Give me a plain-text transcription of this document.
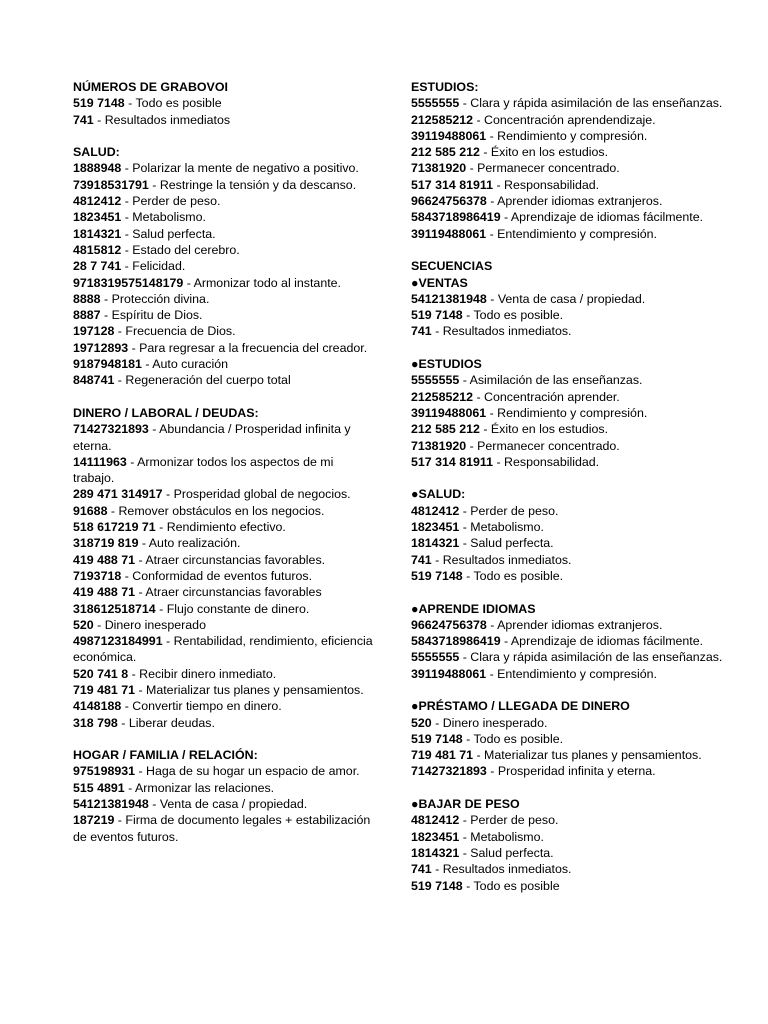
NÚMEROS DE GRABOVOI
519 7148 - Todo es posible
741 - Resultados inmediatos
SALUD:
1888948 - Polarizar la mente de negativo a positivo.
73918531791 - Restringe la tensión y da descanso.
4812412 - Perder de peso.
1823451 - Metabolismo.
1814321 - Salud perfecta.
4815812 - Estado del cerebro.
28 7 741 - Felicidad.
9718319575148179 - Armonizar todo al instante.
8888 - Protección divina.
8887 - Espíritu de Dios.
197128 - Frecuencia de Dios.
19712893 - Para regresar a la frecuencia del creador.
9187948181 - Auto curación
848741 - Regeneración del cuerpo total
DINERO / LABORAL / DEUDAS:
71427321893 - Abundancia / Prosperidad infinita y eterna.
14111963 - Armonizar todos los aspectos de mi trabajo.
289 471 314917 - Prosperidad global de negocios.
91688 - Remover obstáculos en los negocios.
518 617219 71 - Rendimiento efectivo.
318719 819 - Auto realización.
419 488 71 - Atraer circunstancias favorables.
7193718 - Conformidad de eventos futuros.
419 488 71 - Atraer circunstancias favorables
318612518714 - Flujo constante de dinero.
520 - Dinero inesperado
4987123184991 - Rentabilidad, rendimiento, eficiencia económica.
520 741 8 - Recibir dinero inmediato.
719 481 71 - Materializar tus planes y pensamientos.
4148188 - Convertir tiempo en dinero.
318 798 - Liberar deudas.
HOGAR / FAMILIA / RELACIÓN:
975198931 - Haga de su hogar un espacio de amor.
515 4891 - Armonizar las relaciones.
54121381948 - Venta de casa / propiedad.
187219 - Firma de documento legales + estabilización de eventos futuros.
ESTUDIOS:
5555555 - Clara y rápida asimilación de las enseñanzas.
212585212 - Concentración aprendendizaje.
39119488061 - Rendimiento y compresión.
212 585 212 - Éxito en los estudios.
71381920 - Permanecer concentrado.
517 314 81911 - Responsabilidad.
96624756378 - Aprender idiomas extranjeros.
5843718986419 - Aprendizaje de idiomas fácilmente.
39119488061 - Entendimiento y compresión.
SECUENCIAS
●VENTAS
54121381948 - Venta de casa / propiedad.
519 7148 - Todo es posible.
741 - Resultados inmediatos.
●ESTUDIOS
5555555 - Asimilación de las enseñanzas.
212585212 - Concentración aprender.
39119488061 - Rendimiento y compresión.
212 585 212 - Éxito en los estudios.
71381920 - Permanecer concentrado.
517 314 81911 - Responsabilidad.
●SALUD:
4812412 - Perder de peso.
1823451 - Metabolismo.
1814321 - Salud perfecta.
741 - Resultados inmediatos.
519 7148 - Todo es posible.
●APRENDE IDIOMAS
96624756378 - Aprender idiomas extranjeros.
5843718986419 - Aprendizaje de idiomas fácilmente.
5555555 - Clara y rápida asimilación de las enseñanzas.
39119488061 - Entendimiento y compresión.
●PRÉSTAMO / LLEGADA DE DINERO
520 - Dinero inesperado.
519 7148 - Todo es posible.
719 481 71 - Materializar tus planes y pensamientos.
71427321893 - Prosperidad infinita y eterna.
●BAJAR DE PESO
4812412 - Perder de peso.
1823451 - Metabolismo.
1814321 - Salud perfecta.
741 - Resultados inmediatos.
519 7148 - Todo es posible
